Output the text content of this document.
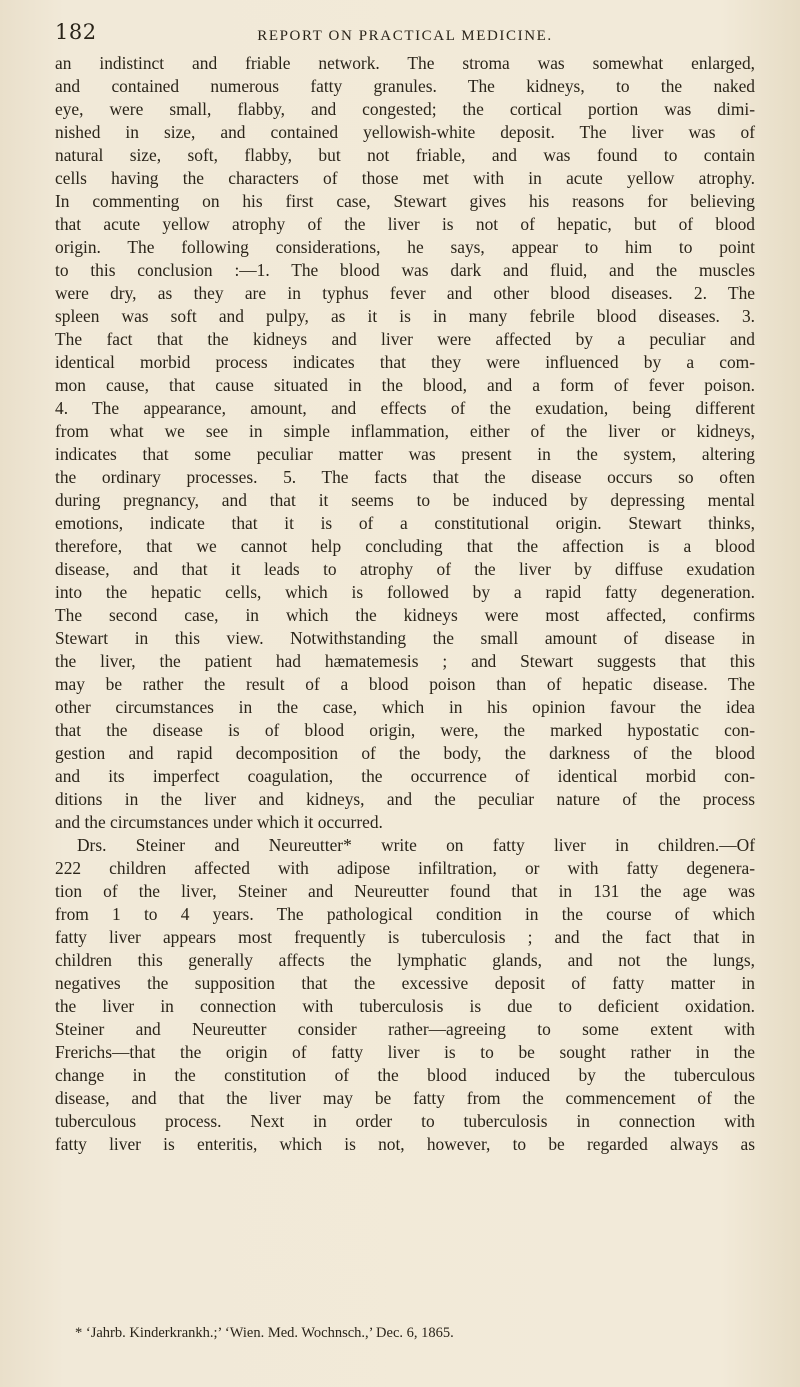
182	REPORT ON PRACTICAL MEDICINE.
an indistinct and friable network. The stroma was somewhat enlarged,
and contained numerous fatty granules. The kidneys, to the naked
eye, were small, flabby, and congested; the cortical portion was dimi-
nished in size, and contained yellowish-white deposit. The liver was of
natural size, soft, flabby, but not friable, and was found to contain
cells having the characters of those met with in acute yellow atrophy.
In commenting on his first case, Stewart gives his reasons for believing
that acute yellow atrophy of the liver is not of hepatic, but of blood
origin. The following considerations, he says, appear to him to point
to this conclusion :—1. The blood was dark and fluid, and the muscles
were dry, as they are in typhus fever and other blood diseases. 2. The
spleen was soft and pulpy, as it is in many febrile blood diseases. 3.
The fact that the kidneys and liver were affected by a peculiar and
identical morbid process indicates that they were influenced by a com-
mon cause, that cause situated in the blood, and a form of fever poison.
4. The appearance, amount, and effects of the exudation, being different
from what we see in simple inflammation, either of the liver or kidneys,
indicates that some peculiar matter was present in the system, altering
the ordinary processes. 5. The facts that the disease occurs so often
during pregnancy, and that it seems to be induced by depressing mental
emotions, indicate that it is of a constitutional origin. Stewart thinks,
therefore, that we cannot help concluding that the affection is a blood
disease, and that it leads to atrophy of the liver by diffuse exudation
into the hepatic cells, which is followed by a rapid fatty degeneration.
The second case, in which the kidneys were most affected, confirms
Stewart in this view. Notwithstanding the small amount of disease in
the liver, the patient had hæmatemesis ; and Stewart suggests that this
may be rather the result of a blood poison than of hepatic disease. The
other circumstances in the case, which in his opinion favour the idea
that the disease is of blood origin, were, the marked hypostatic con-
gestion and rapid decomposition of the body, the darkness of the blood
and its imperfect coagulation, the occurrence of identical morbid con-
ditions in the liver and kidneys, and the peculiar nature of the process
and the circumstances under which it occurred.
Drs. Steiner and Neureutter* write on fatty liver in children.—Of
222 children affected with adipose infiltration, or with fatty degenera-
tion of the liver, Steiner and Neureutter found that in 131 the age was
from 1 to 4 years. The pathological condition in the course of which
fatty liver appears most frequently is tuberculosis ; and the fact that in
children this generally affects the lymphatic glands, and not the lungs,
negatives the supposition that the excessive deposit of fatty matter in
the liver in connection with tuberculosis is due to deficient oxidation.
Steiner and Neureutter consider rather—agreeing to some extent with
Frerichs—that the origin of fatty liver is to be sought rather in the
change in the constitution of the blood induced by the tuberculous
disease, and that the liver may be fatty from the commencement of the
tuberculous process. Next in order to tuberculosis in connection with
fatty liver is enteritis, which is not, however, to be regarded always as
* ‘Jahrb. Kinderkrankh.;’ ‘Wien. Med. Wochnsch.,’ Dec. 6, 1865.
